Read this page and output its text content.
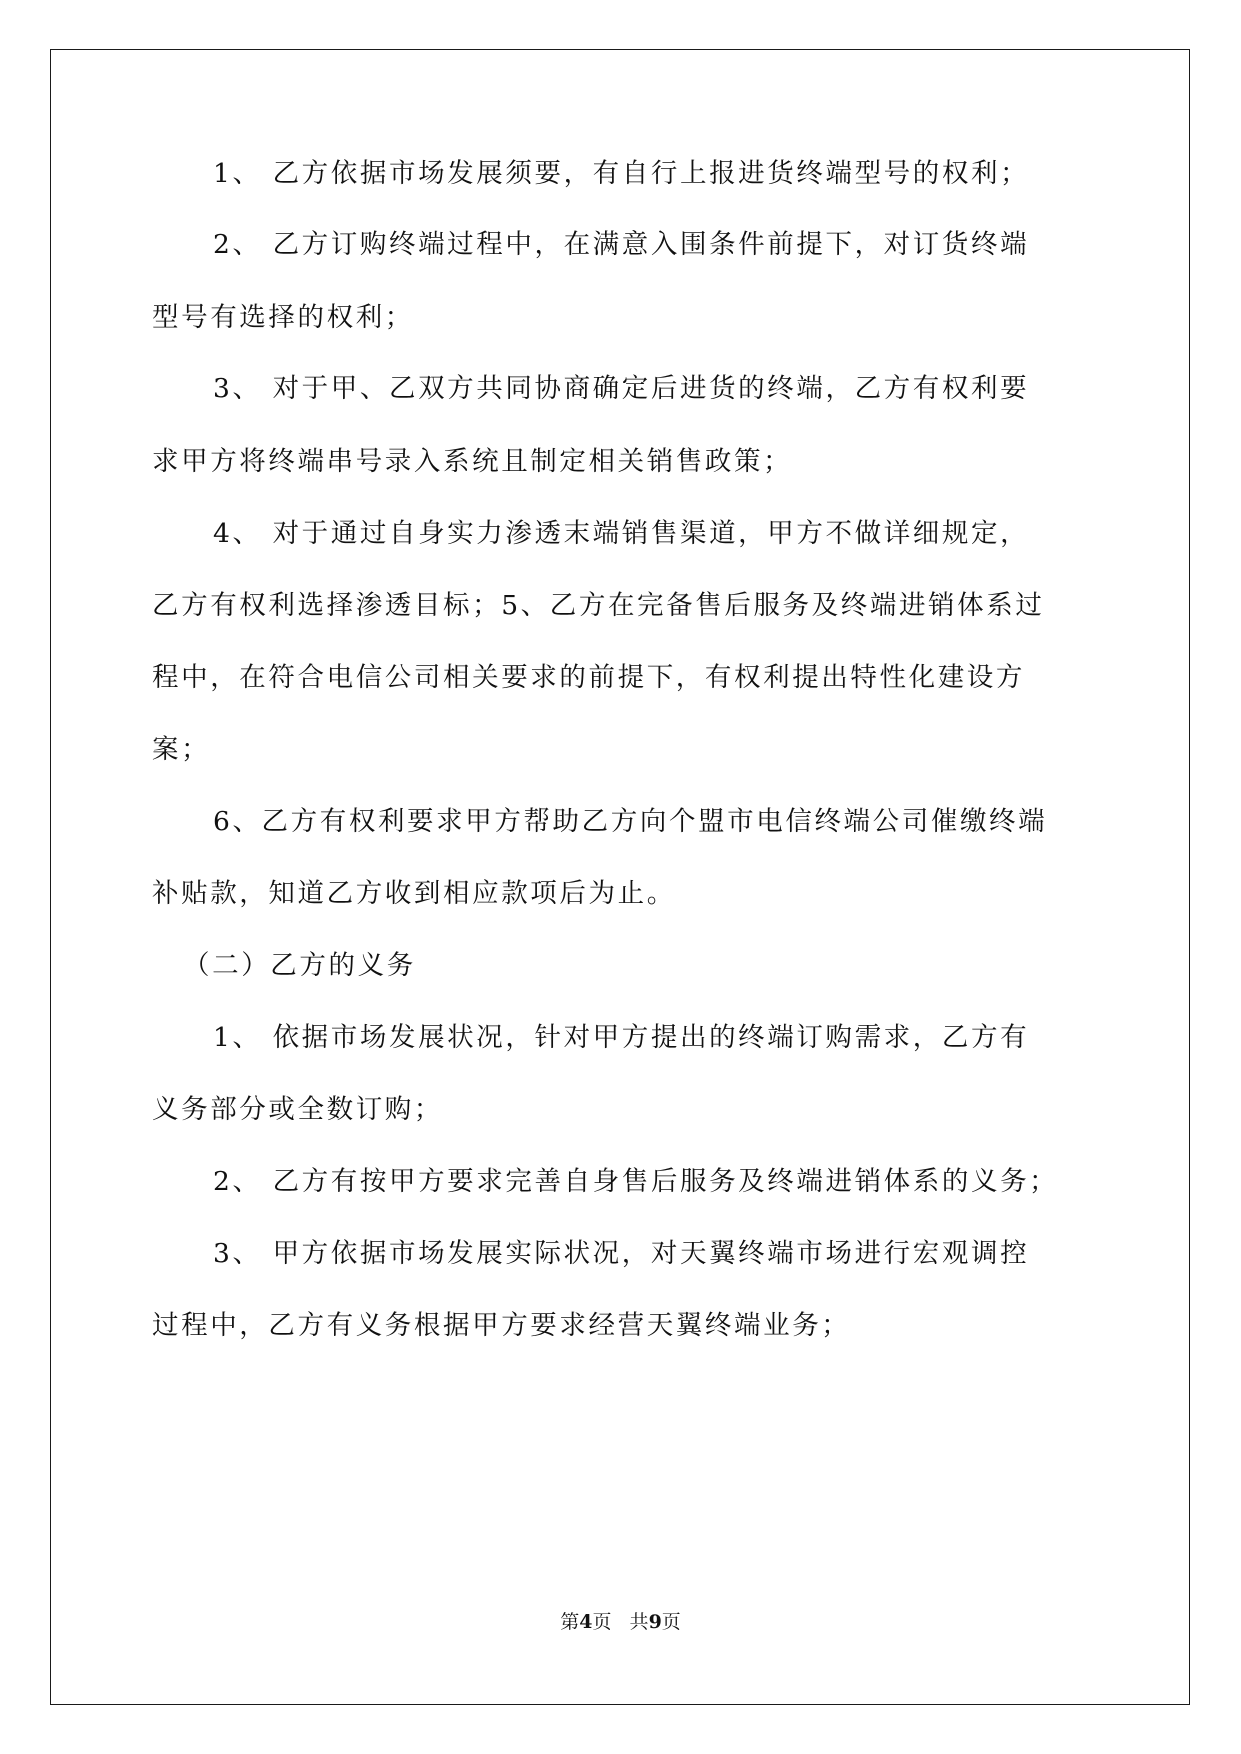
1、 乙方依据市场发展须要，有自行上报进货终端型号的权利；

2、 乙方订购终端过程中，在满意入围条件前提下，对订货终端

型号有选择的权利；

3、 对于甲、乙双方共同协商确定后进货的终端，乙方有权利要

求甲方将终端串号录入系统且制定相关销售政策；

4、 对于通过自身实力渗透末端销售渠道，甲方不做详细规定，

乙方有权利选择渗透目标；5、乙方在完备售后服务及终端进销体系过

程中，在符合电信公司相关要求的前提下，有权利提出特性化建设方

案；

6、乙方有权利要求甲方帮助乙方向个盟市电信终端公司催缴终端

补贴款，知道乙方收到相应款项后为止。

（二）乙方的义务

1、 依据市场发展状况，针对甲方提出的终端订购需求，乙方有

义务部分或全数订购；

2、 乙方有按甲方要求完善自身售后服务及终端进销体系的义务；

3、 甲方依据市场发展实际状况，对天翼终端市场进行宏观调控

过程中，乙方有义务根据甲方要求经营天翼终端业务；

第4页   共9页
